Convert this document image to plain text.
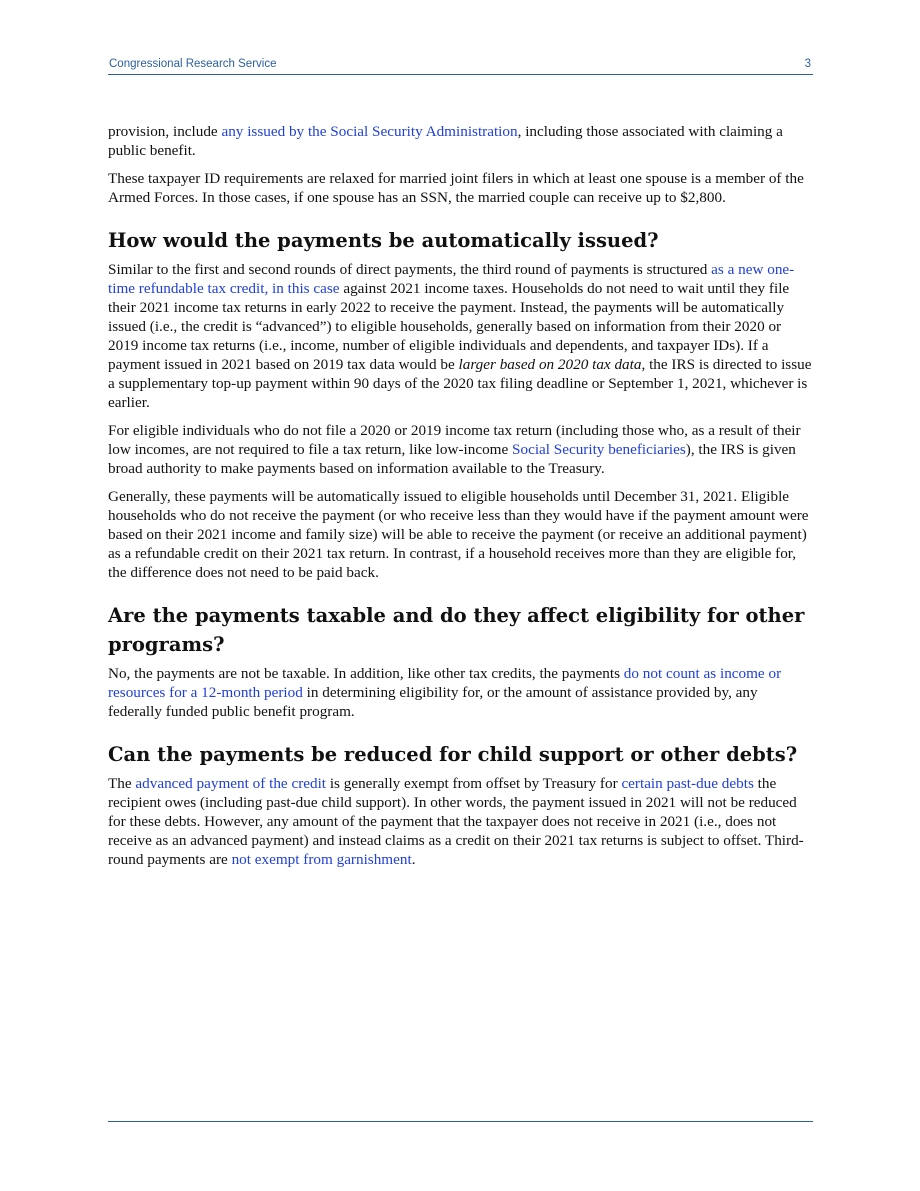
Congressional Research Service	3

provision, include any issued by the Social Security Administration, including those associated with claiming a public benefit.

These taxpayer ID requirements are relaxed for married joint filers in which at least one spouse is a member of the Armed Forces. In those cases, if one spouse has an SSN, the married couple can receive up to $2,800.

How would the payments be automatically issued?

Similar to the first and second rounds of direct payments, the third round of payments is structured as a new one-time refundable tax credit, in this case against 2021 income taxes. Households do not need to wait until they file their 2021 income tax returns in early 2022 to receive the payment. Instead, the payments will be automatically issued (i.e., the credit is “advanced”) to eligible households, generally based on information from their 2020 or 2019 income tax returns (i.e., income, number of eligible individuals and dependents, and taxpayer IDs). If a payment issued in 2021 based on 2019 tax data would be larger based on 2020 tax data, the IRS is directed to issue a supplementary top-up payment within 90 days of the 2020 tax filing deadline or September 1, 2021, whichever is earlier.

For eligible individuals who do not file a 2020 or 2019 income tax return (including those who, as a result of their low incomes, are not required to file a tax return, like low-income Social Security beneficiaries), the IRS is given broad authority to make payments based on information available to the Treasury.

Generally, these payments will be automatically issued to eligible households until December 31, 2021. Eligible households who do not receive the payment (or who receive less than they would have if the payment amount were based on their 2021 income and family size) will be able to receive the payment (or receive an additional payment) as a refundable credit on their 2021 tax return. In contrast, if a household receives more than they are eligible for, the difference does not need to be paid back.

Are the payments taxable and do they affect eligibility for other programs?

No, the payments are not be taxable. In addition, like other tax credits, the payments do not count as income or resources for a 12-month period in determining eligibility for, or the amount of assistance provided by, any federally funded public benefit program.

Can the payments be reduced for child support or other debts?

The advanced payment of the credit is generally exempt from offset by Treasury for certain past-due debts the recipient owes (including past-due child support). In other words, the payment issued in 2021 will not be reduced for these debts. However, any amount of the payment that the taxpayer does not receive in 2021 (i.e., does not receive as an advanced payment) and instead claims as a credit on their 2021 tax returns is subject to offset. Third-round payments are not exempt from garnishment.
